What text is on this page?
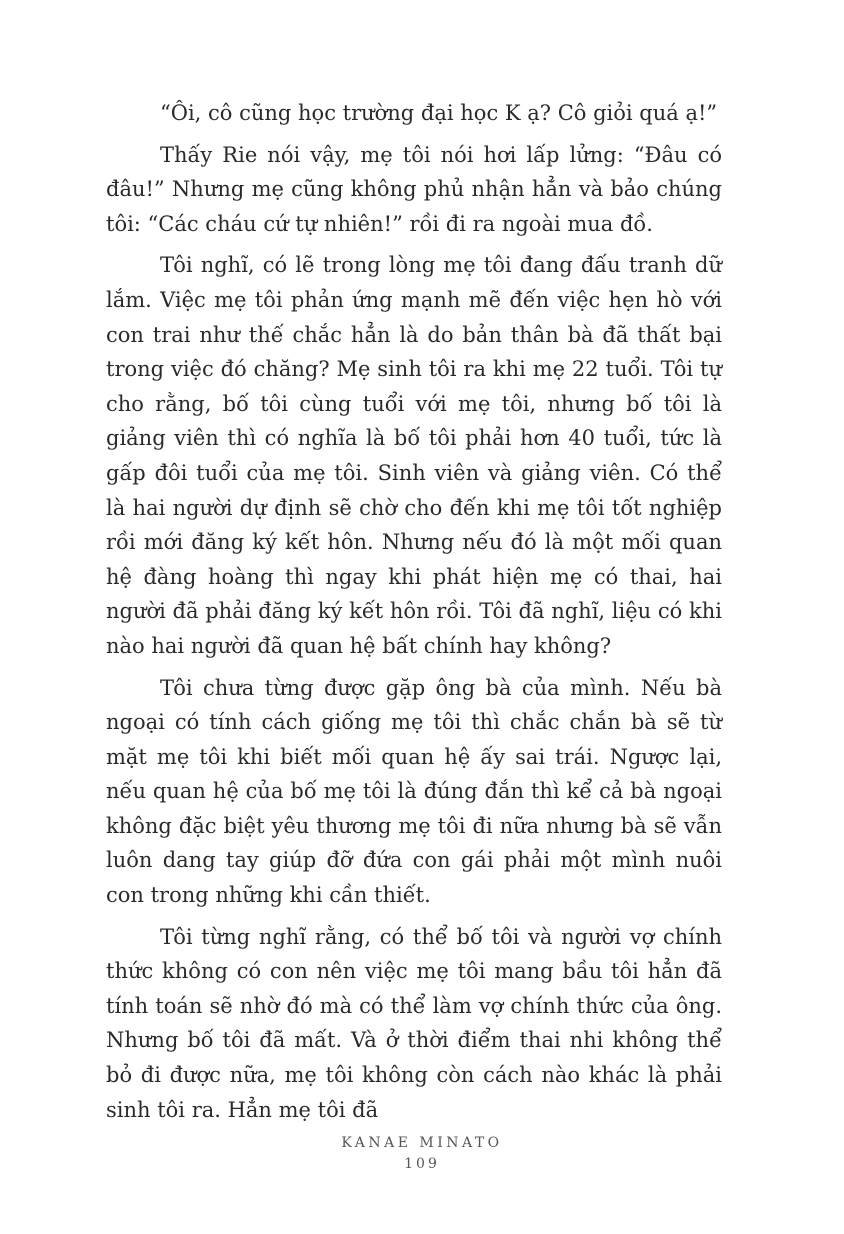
“Ôi, cô cũng học trường đại học K ạ? Cô giỏi quá ạ!”

Thấy Rie nói vậy, mẹ tôi nói hơi lấp lửng: “Đâu có đâu!” Nhưng mẹ cũng không phủ nhận hẳn và bảo chúng tôi: “Các cháu cứ tự nhiên!” rồi đi ra ngoài mua đồ.

Tôi nghĩ, có lẽ trong lòng mẹ tôi đang đấu tranh dữ lắm. Việc mẹ tôi phản ứng mạnh mẽ đến việc hẹn hò với con trai như thế chắc hẳn là do bản thân bà đã thất bại trong việc đó chăng? Mẹ sinh tôi ra khi mẹ 22 tuổi. Tôi tự cho rằng, bố tôi cùng tuổi với mẹ tôi, nhưng bố tôi là giảng viên thì có nghĩa là bố tôi phải hơn 40 tuổi, tức là gấp đôi tuổi của mẹ tôi. Sinh viên và giảng viên. Có thể là hai người dự định sẽ chờ cho đến khi mẹ tôi tốt nghiệp rồi mới đăng ký kết hôn. Nhưng nếu đó là một mối quan hệ đàng hoàng thì ngay khi phát hiện mẹ có thai, hai người đã phải đăng ký kết hôn rồi. Tôi đã nghĩ, liệu có khi nào hai người đã quan hệ bất chính hay không?

Tôi chưa từng được gặp ông bà của mình. Nếu bà ngoại có tính cách giống mẹ tôi thì chắc chắn bà sẽ từ mặt mẹ tôi khi biết mối quan hệ ấy sai trái. Ngược lại, nếu quan hệ của bố mẹ tôi là đúng đắn thì kể cả bà ngoại không đặc biệt yêu thương mẹ tôi đi nữa nhưng bà sẽ vẫn luôn dang tay giúp đỡ đứa con gái phải một mình nuôi con trong những khi cần thiết.

Tôi từng nghĩ rằng, có thể bố tôi và người vợ chính thức không có con nên việc mẹ tôi mang bầu tôi hẳn đã tính toán sẽ nhờ đó mà có thể làm vợ chính thức của ông. Nhưng bố tôi đã mất. Và ở thời điểm thai nhi không thể bỏ đi được nữa, mẹ tôi không còn cách nào khác là phải sinh tôi ra. Hẳn mẹ tôi đã

KANAE MINATO
109
